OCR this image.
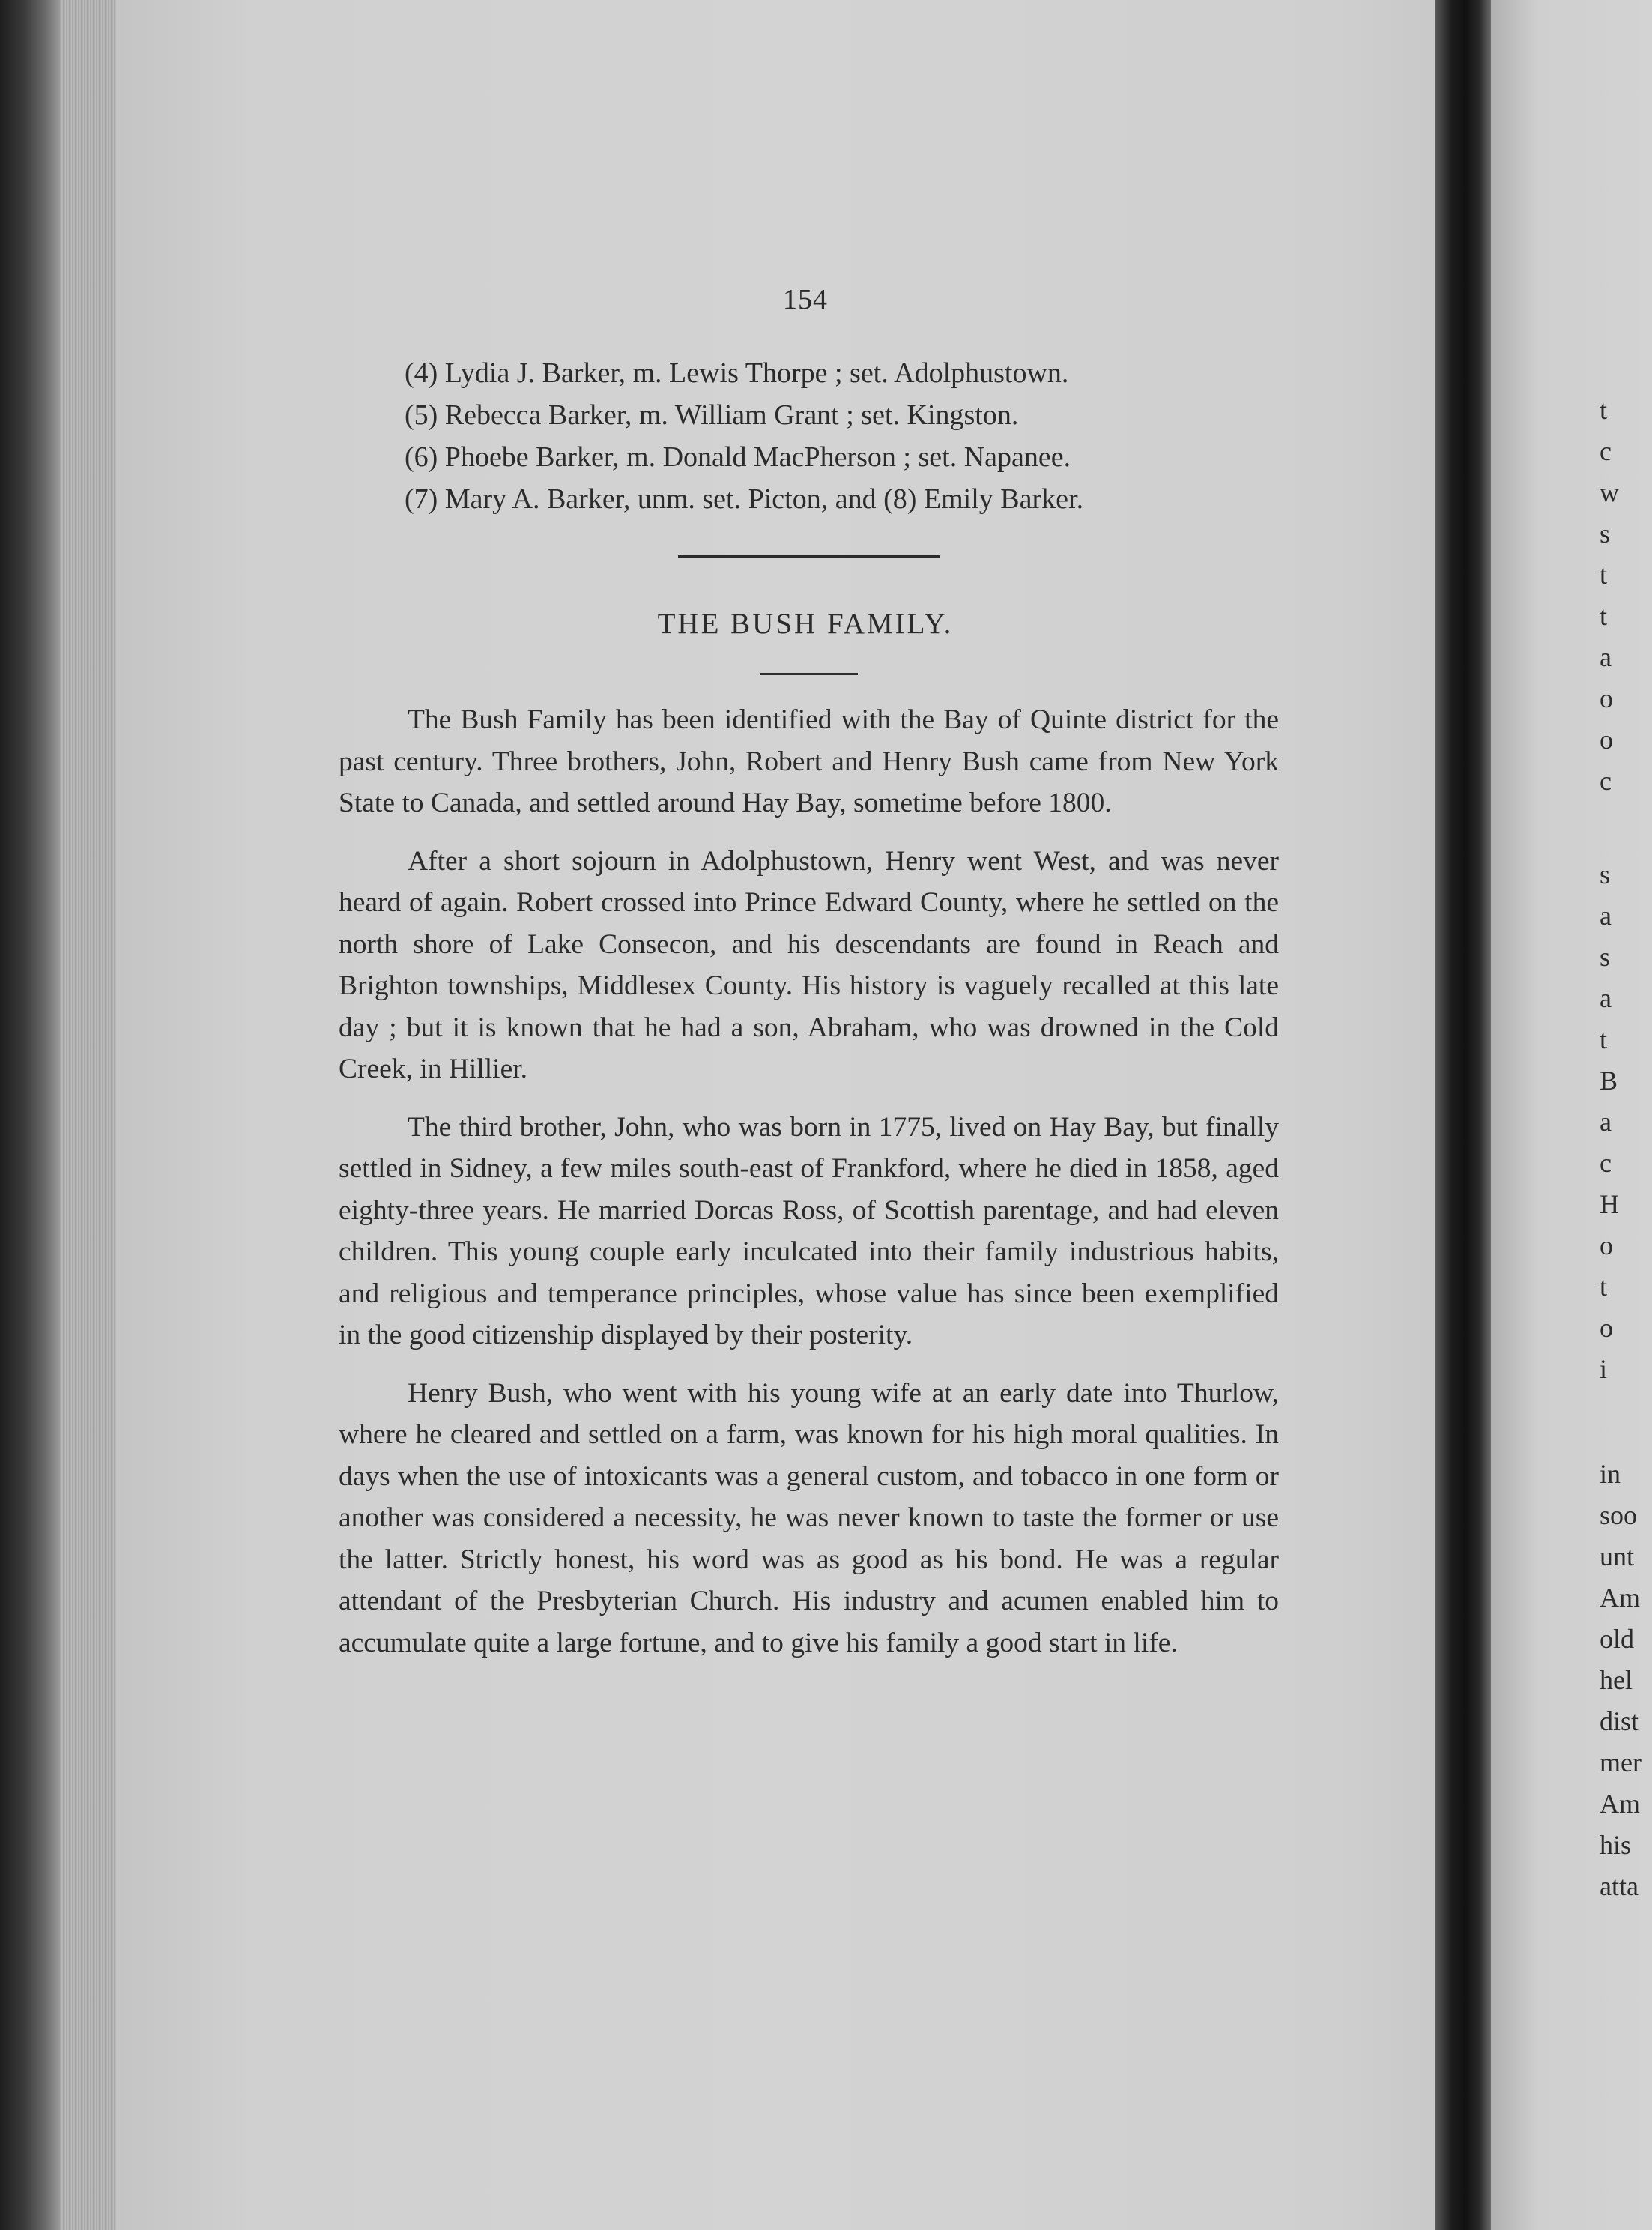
154
(4) Lydia J. Barker, m. Lewis Thorpe ; set. Adolphustown.
(5) Rebecca Barker, m. William Grant ; set. Kingston.
(6) Phoebe Barker, m. Donald MacPherson ; set. Napanee.
(7) Mary A. Barker, unm. set. Picton, and (8) Emily Barker.
THE BUSH FAMILY.

The Bush Family has been identified with the Bay of Quinte district for the past century. Three brothers, John, Robert and Henry Bush came from New York State to Canada, and settled around Hay Bay, sometime before 1800.

After a short sojourn in Adolphustown, Henry went West, and was never heard of again. Robert crossed into Prince Edward County, where he settled on the north shore of Lake Consecon, and his descendants are found in Reach and Brighton townships, Middlesex County. His history is vaguely recalled at this late day ; but it is known that he had a son, Abraham, who was drowned in the Cold Creek, in Hillier.

The third brother, John, who was born in 1775, lived on Hay Bay, but finally settled in Sidney, a few miles south-east of Frankford, where he died in 1858, aged eighty-three years. He married Dorcas Ross, of Scottish parentage, and had eleven children. This young couple early inculcated into their family industrious habits, and religious and temperance principles, whose value has since been exemplified in the good citizenship displayed by their posterity.

Henry Bush, who went with his young wife at an early date into Thurlow, where he cleared and settled on a farm, was known for his high moral qualities. In days when the use of intoxicants was a general custom, and tobacco in one form or another was considered a necessity, he was never known to taste the former or use the latter. Strictly honest, his word was as good as his bond. He was a regular attendant of the Presbyterian Church. His industry and acumen enabled him to accumulate quite a large fortune, and to give his family a good start in life.

t
c
w
s
t
t
a
o
o
c
s
a
s
a
t
B
a
c
H
o
t
o
i
in
soo
unt
Am
old
hel
dist
mer
Am
his
atta
